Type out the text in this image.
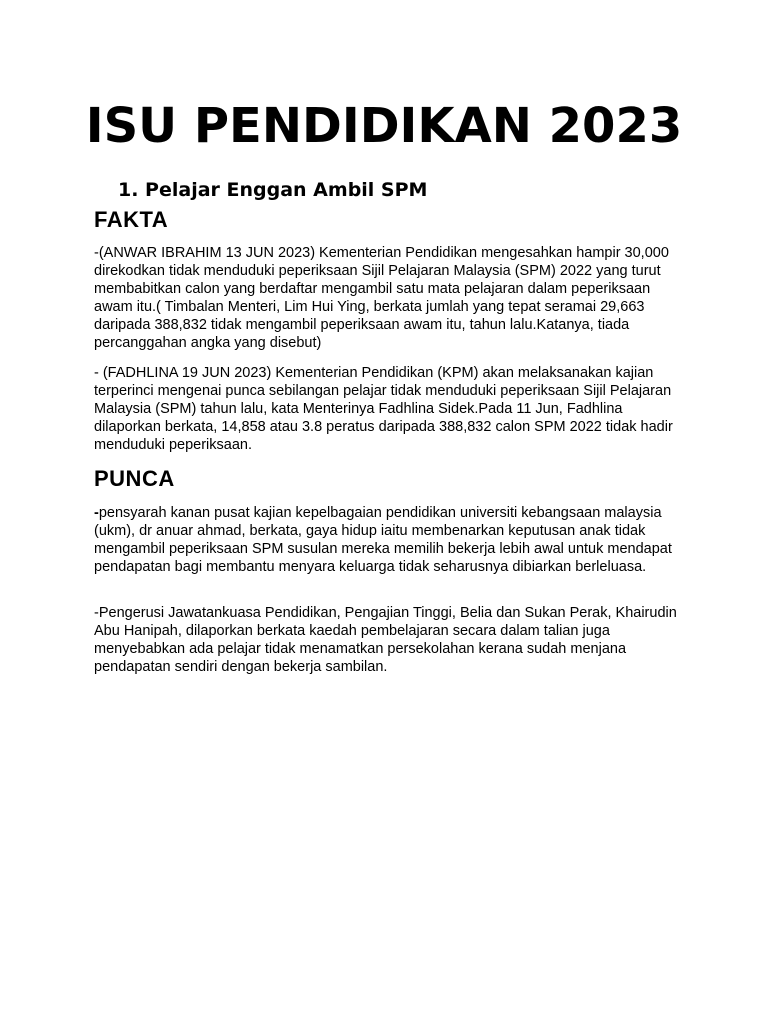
ISU PENDIDIKAN 2023
1. Pelajar Enggan Ambil SPM
FAKTA

-(ANWAR IBRAHIM 13 JUN 2023) Kementerian Pendidikan mengesahkan hampir 30,000 direkodkan tidak menduduki peperiksaan Sijil Pelajaran Malaysia (SPM) 2022 yang turut membabitkan calon yang berdaftar mengambil satu mata pelajaran dalam peperiksaan awam itu.( Timbalan Menteri, Lim Hui Ying, berkata jumlah yang tepat seramai 29,663 daripada 388,832 tidak mengambil peperiksaan awam itu, tahun lalu.Katanya, tiada percanggahan angka yang disebut)

- (FADHLINA 19 JUN 2023) Kementerian Pendidikan (KPM) akan melaksanakan kajian terperinci mengenai punca sebilangan pelajar tidak menduduki peperiksaan Sijil Pelajaran Malaysia (SPM) tahun lalu, kata Menterinya Fadhlina Sidek.Pada 11 Jun, Fadhlina dilaporkan berkata, 14,858 atau 3.8 peratus daripada 388,832 calon SPM 2022 tidak hadir menduduki peperiksaan.

PUNCA

-pensyarah kanan pusat kajian kepelbagaian pendidikan universiti kebangsaan malaysia (ukm), dr anuar ahmad, berkata, gaya hidup iaitu membenarkan keputusan anak tidak mengambil peperiksaan SPM susulan mereka memilih bekerja lebih awal untuk mendapat pendapatan bagi membantu menyara keluarga tidak seharusnya dibiarkan berleluasa.

-Pengerusi Jawatankuasa Pendidikan, Pengajian Tinggi, Belia dan Sukan Perak, Khairudin Abu Hanipah, dilaporkan berkata kaedah pembelajaran secara dalam talian juga menyebabkan ada pelajar tidak menamatkan persekolahan kerana sudah menjana pendapatan sendiri dengan bekerja sambilan.
